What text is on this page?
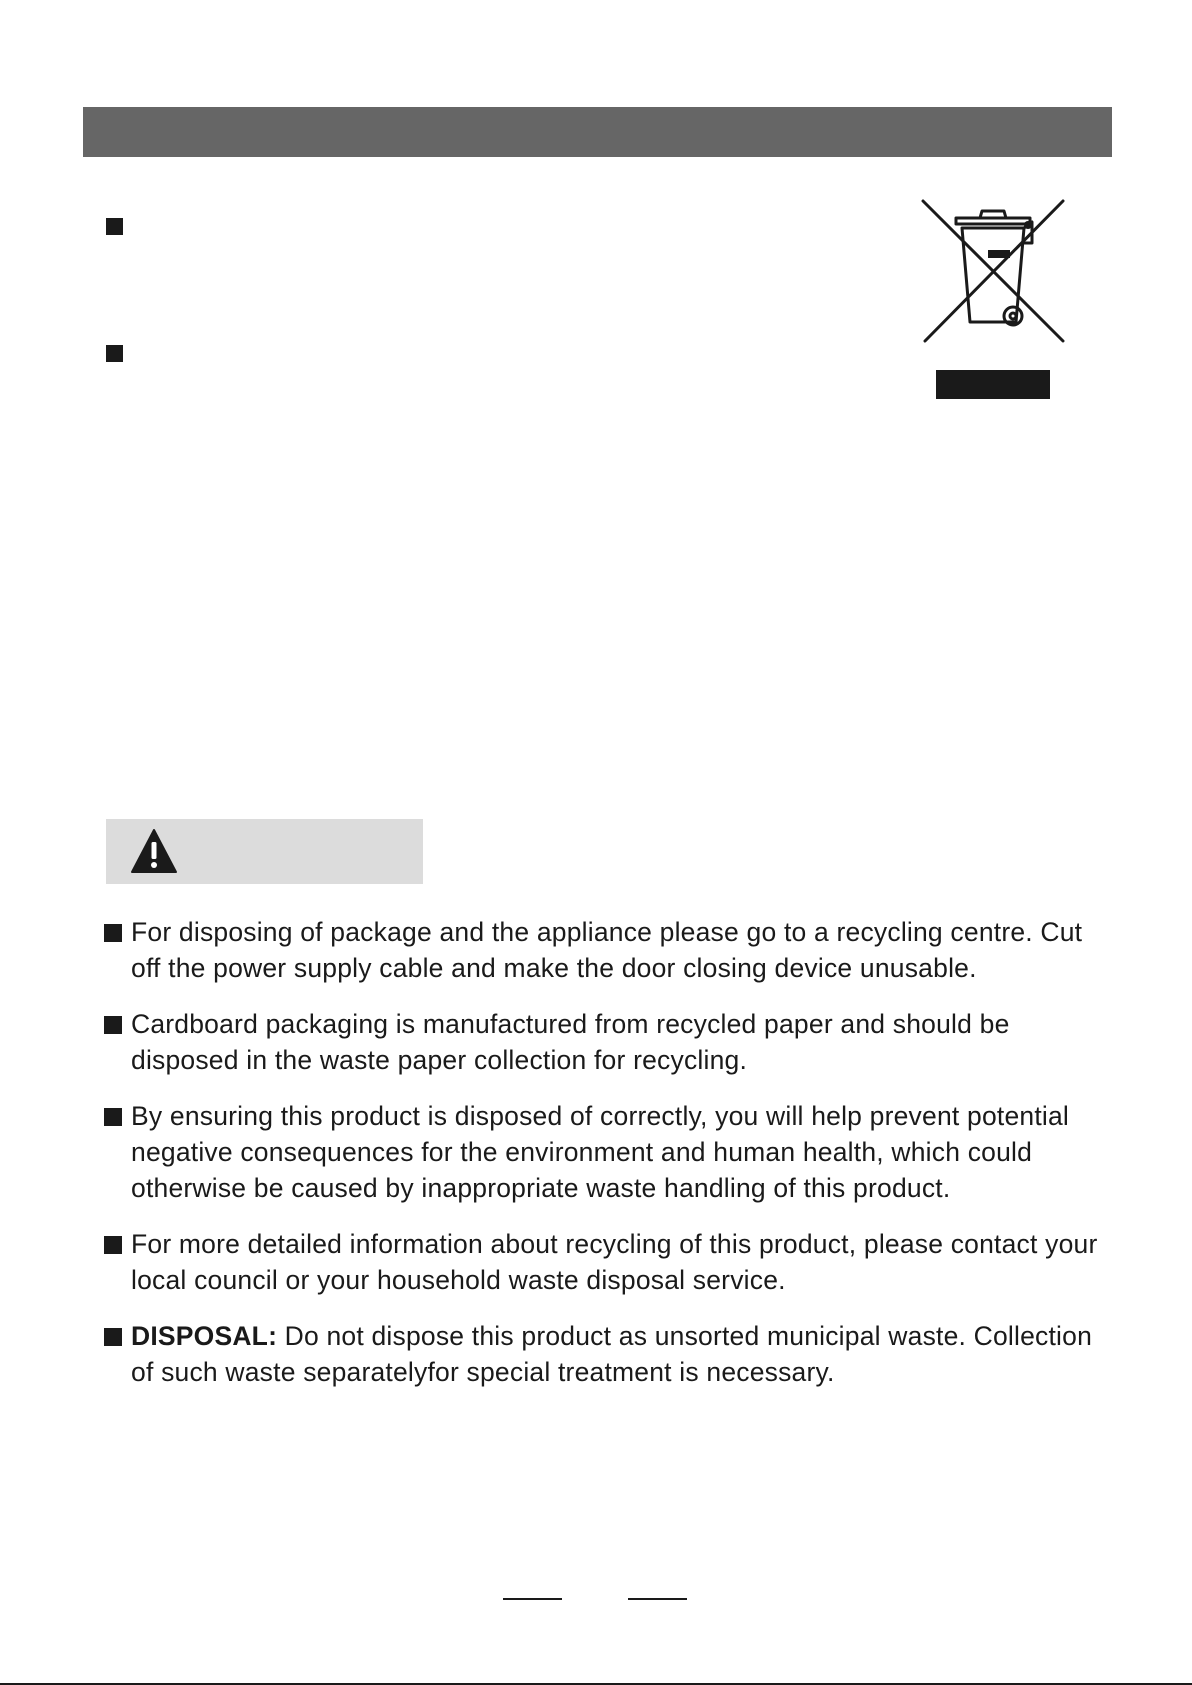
For disposing of package and the appliance please go to a recycling centre. Cut off the power supply cable and make the door closing device unusable.
Cardboard packaging is manufactured from recycled paper and should be disposed in the waste paper collection for recycling.
By ensuring this product is disposed of correctly, you will help prevent potential negative consequences for the environment and human health, which could otherwise be caused by inappropriate waste handling of this product.
For more detailed information about recycling of this product, please contact your local council or your household waste disposal service.
DISPOSAL: Do not dispose this product as unsorted municipal waste. Collection of such waste separatelyfor special treatment is necessary.
